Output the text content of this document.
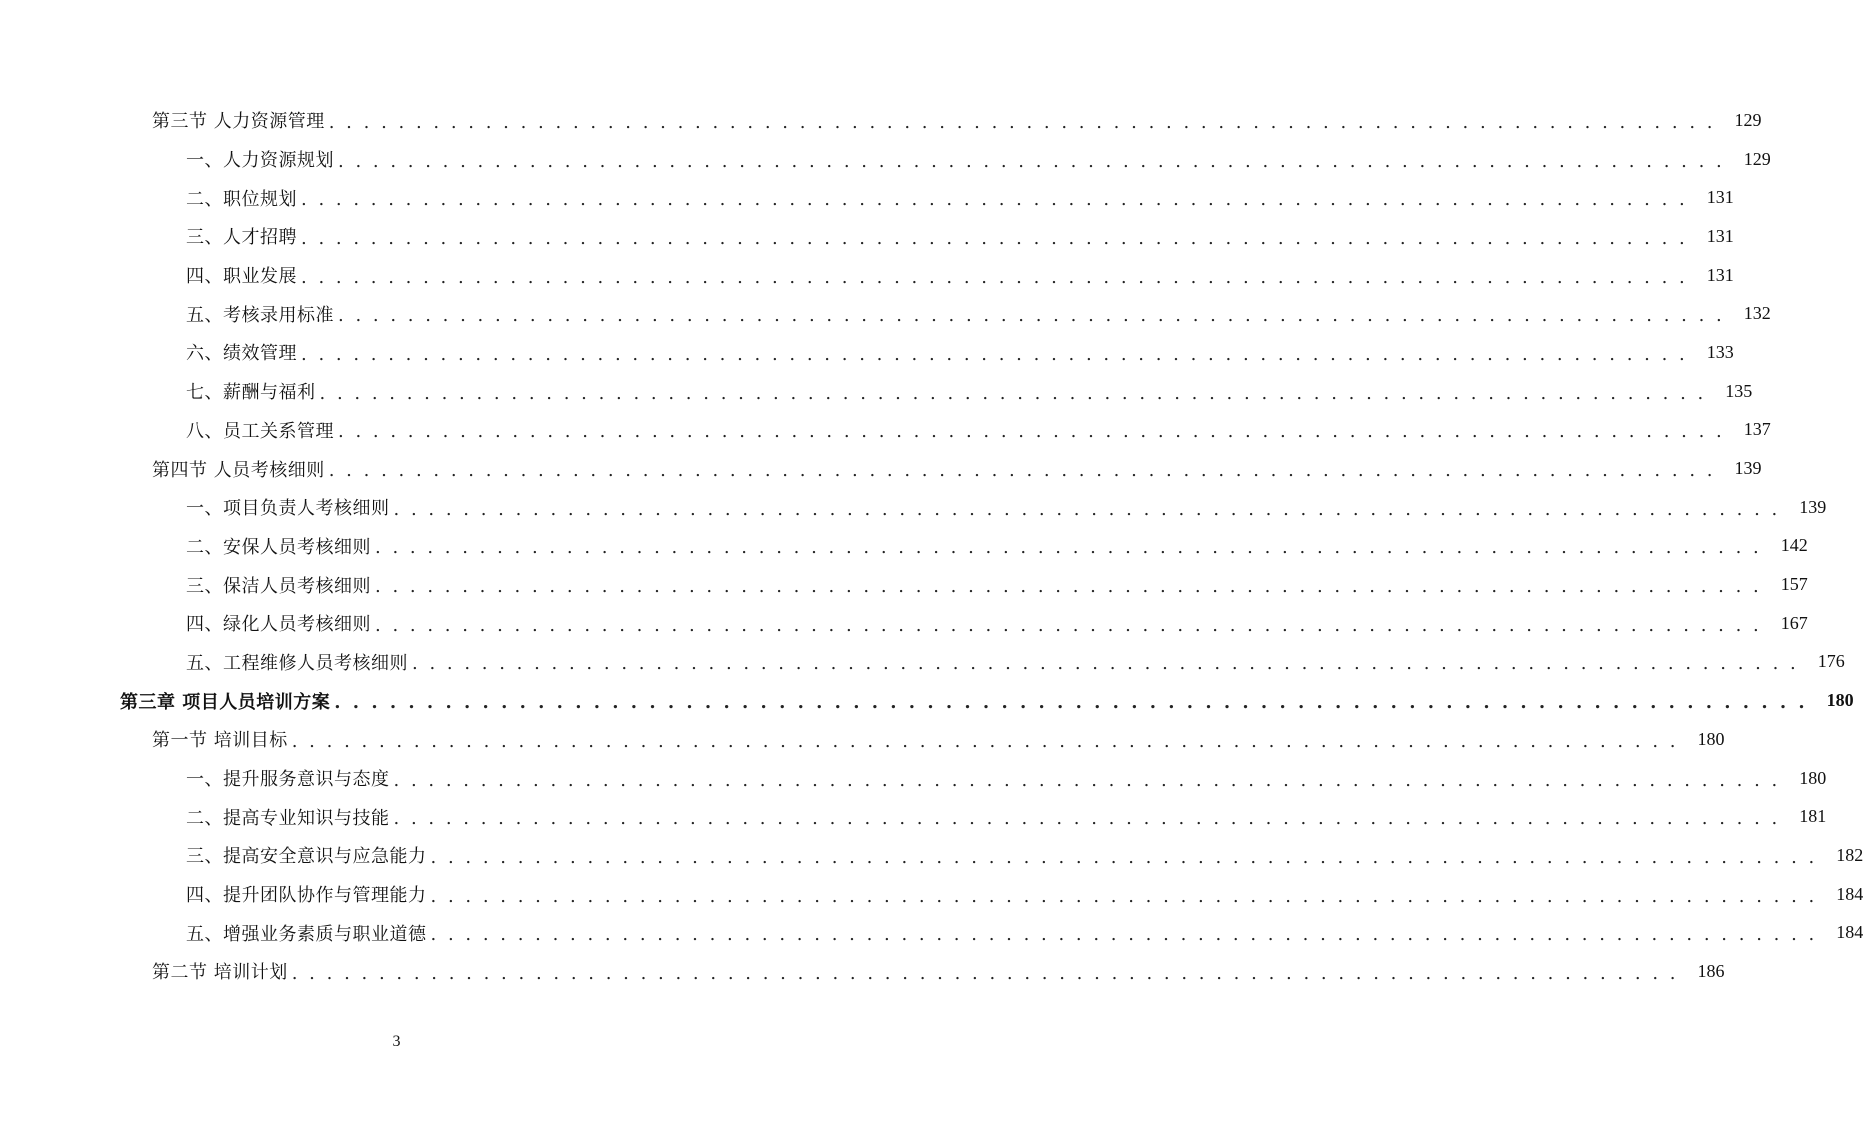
第三节 人力资源管理 . . . . . . . . . . . . . . . . . . . . . . . . . . . . . . . . . . . . . . . . . . . . . . . . . . . . . . . . . . . . . . . . . . . . . . . . . . . . . . . .	129
一、人力资源规划 . . . . . . . . . . . . . . . . . . . . . . . . . . . . . . . . . . . . . . . . . . . . . . . . . . . . . . . . . . . . . . . . . . . . . . . . . . . . . . . .	129
二、职位规划 . . . . . . . . . . . . . . . . . . . . . . . . . . . . . . . . . . . . . . . . . . . . . . . . . . . . . . . . . . . . . . . . . . . . . . . . . . . . . . . .	131
三、人才招聘 . . . . . . . . . . . . . . . . . . . . . . . . . . . . . . . . . . . . . . . . . . . . . . . . . . . . . . . . . . . . . . . . . . . . . . . . . . . . . . . .	131
四、职业发展 . . . . . . . . . . . . . . . . . . . . . . . . . . . . . . . . . . . . . . . . . . . . . . . . . . . . . . . . . . . . . . . . . . . . . . . . . . . . . . . .	131
五、考核录用标准 . . . . . . . . . . . . . . . . . . . . . . . . . . . . . . . . . . . . . . . . . . . . . . . . . . . . . . . . . . . . . . . . . . . . . . . . . . . . . . . .	132
六、绩效管理 . . . . . . . . . . . . . . . . . . . . . . . . . . . . . . . . . . . . . . . . . . . . . . . . . . . . . . . . . . . . . . . . . . . . . . . . . . . . . . . .	133
七、薪酬与福利 . . . . . . . . . . . . . . . . . . . . . . . . . . . . . . . . . . . . . . . . . . . . . . . . . . . . . . . . . . . . . . . . . . . . . . . . . . . . . . . .	135
八、员工关系管理 . . . . . . . . . . . . . . . . . . . . . . . . . . . . . . . . . . . . . . . . . . . . . . . . . . . . . . . . . . . . . . . . . . . . . . . . . . . . . . . .	137
第四节 人员考核细则 . . . . . . . . . . . . . . . . . . . . . . . . . . . . . . . . . . . . . . . . . . . . . . . . . . . . . . . . . . . . . . . . . . . . . . . . . . . . . . . .	139
一、项目负责人考核细则 . . . . . . . . . . . . . . . . . . . . . . . . . . . . . . . . . . . . . . . . . . . . . . . . . . . . . . . . . . . . . . . . . . . . . . . . . . . . . . . .	139
二、安保人员考核细则 . . . . . . . . . . . . . . . . . . . . . . . . . . . . . . . . . . . . . . . . . . . . . . . . . . . . . . . . . . . . . . . . . . . . . . . . . . . . . . . .	142
三、保洁人员考核细则 . . . . . . . . . . . . . . . . . . . . . . . . . . . . . . . . . . . . . . . . . . . . . . . . . . . . . . . . . . . . . . . . . . . . . . . . . . . . . . . .	157
四、绿化人员考核细则 . . . . . . . . . . . . . . . . . . . . . . . . . . . . . . . . . . . . . . . . . . . . . . . . . . . . . . . . . . . . . . . . . . . . . . . . . . . . . . . .	167
五、工程维修人员考核细则 . . . . . . . . . . . . . . . . . . . . . . . . . . . . . . . . . . . . . . . . . . . . . . . . . . . . . . . . . . . . . . . . . . . . . . . . . . . . . . . .	176
第三章 项目人员培训方案 . . . . . . . . . . . . . . . . . . . . . . . . . . . . . . . . . . . . . . . . . . . . . . . . . . . . . . . . . . . . . . . . . . . . . . . . . . . . . . . .	180
第一节 培训目标 . . . . . . . . . . . . . . . . . . . . . . . . . . . . . . . . . . . . . . . . . . . . . . . . . . . . . . . . . . . . . . . . . . . . . . . . . . . . . . . .	180
一、提升服务意识与态度 . . . . . . . . . . . . . . . . . . . . . . . . . . . . . . . . . . . . . . . . . . . . . . . . . . . . . . . . . . . . . . . . . . . . . . . . . . . . . . . .	180
二、提高专业知识与技能 . . . . . . . . . . . . . . . . . . . . . . . . . . . . . . . . . . . . . . . . . . . . . . . . . . . . . . . . . . . . . . . . . . . . . . . . . . . . . . . .	181
三、提高安全意识与应急能力 . . . . . . . . . . . . . . . . . . . . . . . . . . . . . . . . . . . . . . . . . . . . . . . . . . . . . . . . . . . . . . . . . . . . . . . . . . . . . . . .	182
四、提升团队协作与管理能力 . . . . . . . . . . . . . . . . . . . . . . . . . . . . . . . . . . . . . . . . . . . . . . . . . . . . . . . . . . . . . . . . . . . . . . . . . . . . . . . .	184
五、增强业务素质与职业道德 . . . . . . . . . . . . . . . . . . . . . . . . . . . . . . . . . . . . . . . . . . . . . . . . . . . . . . . . . . . . . . . . . . . . . . . . . . . . . . . .	184
第二节 培训计划 . . . . . . . . . . . . . . . . . . . . . . . . . . . . . . . . . . . . . . . . . . . . . . . . . . . . . . . . . . . . . . . . . . . . . . . . . . . . . . . .	186
3
